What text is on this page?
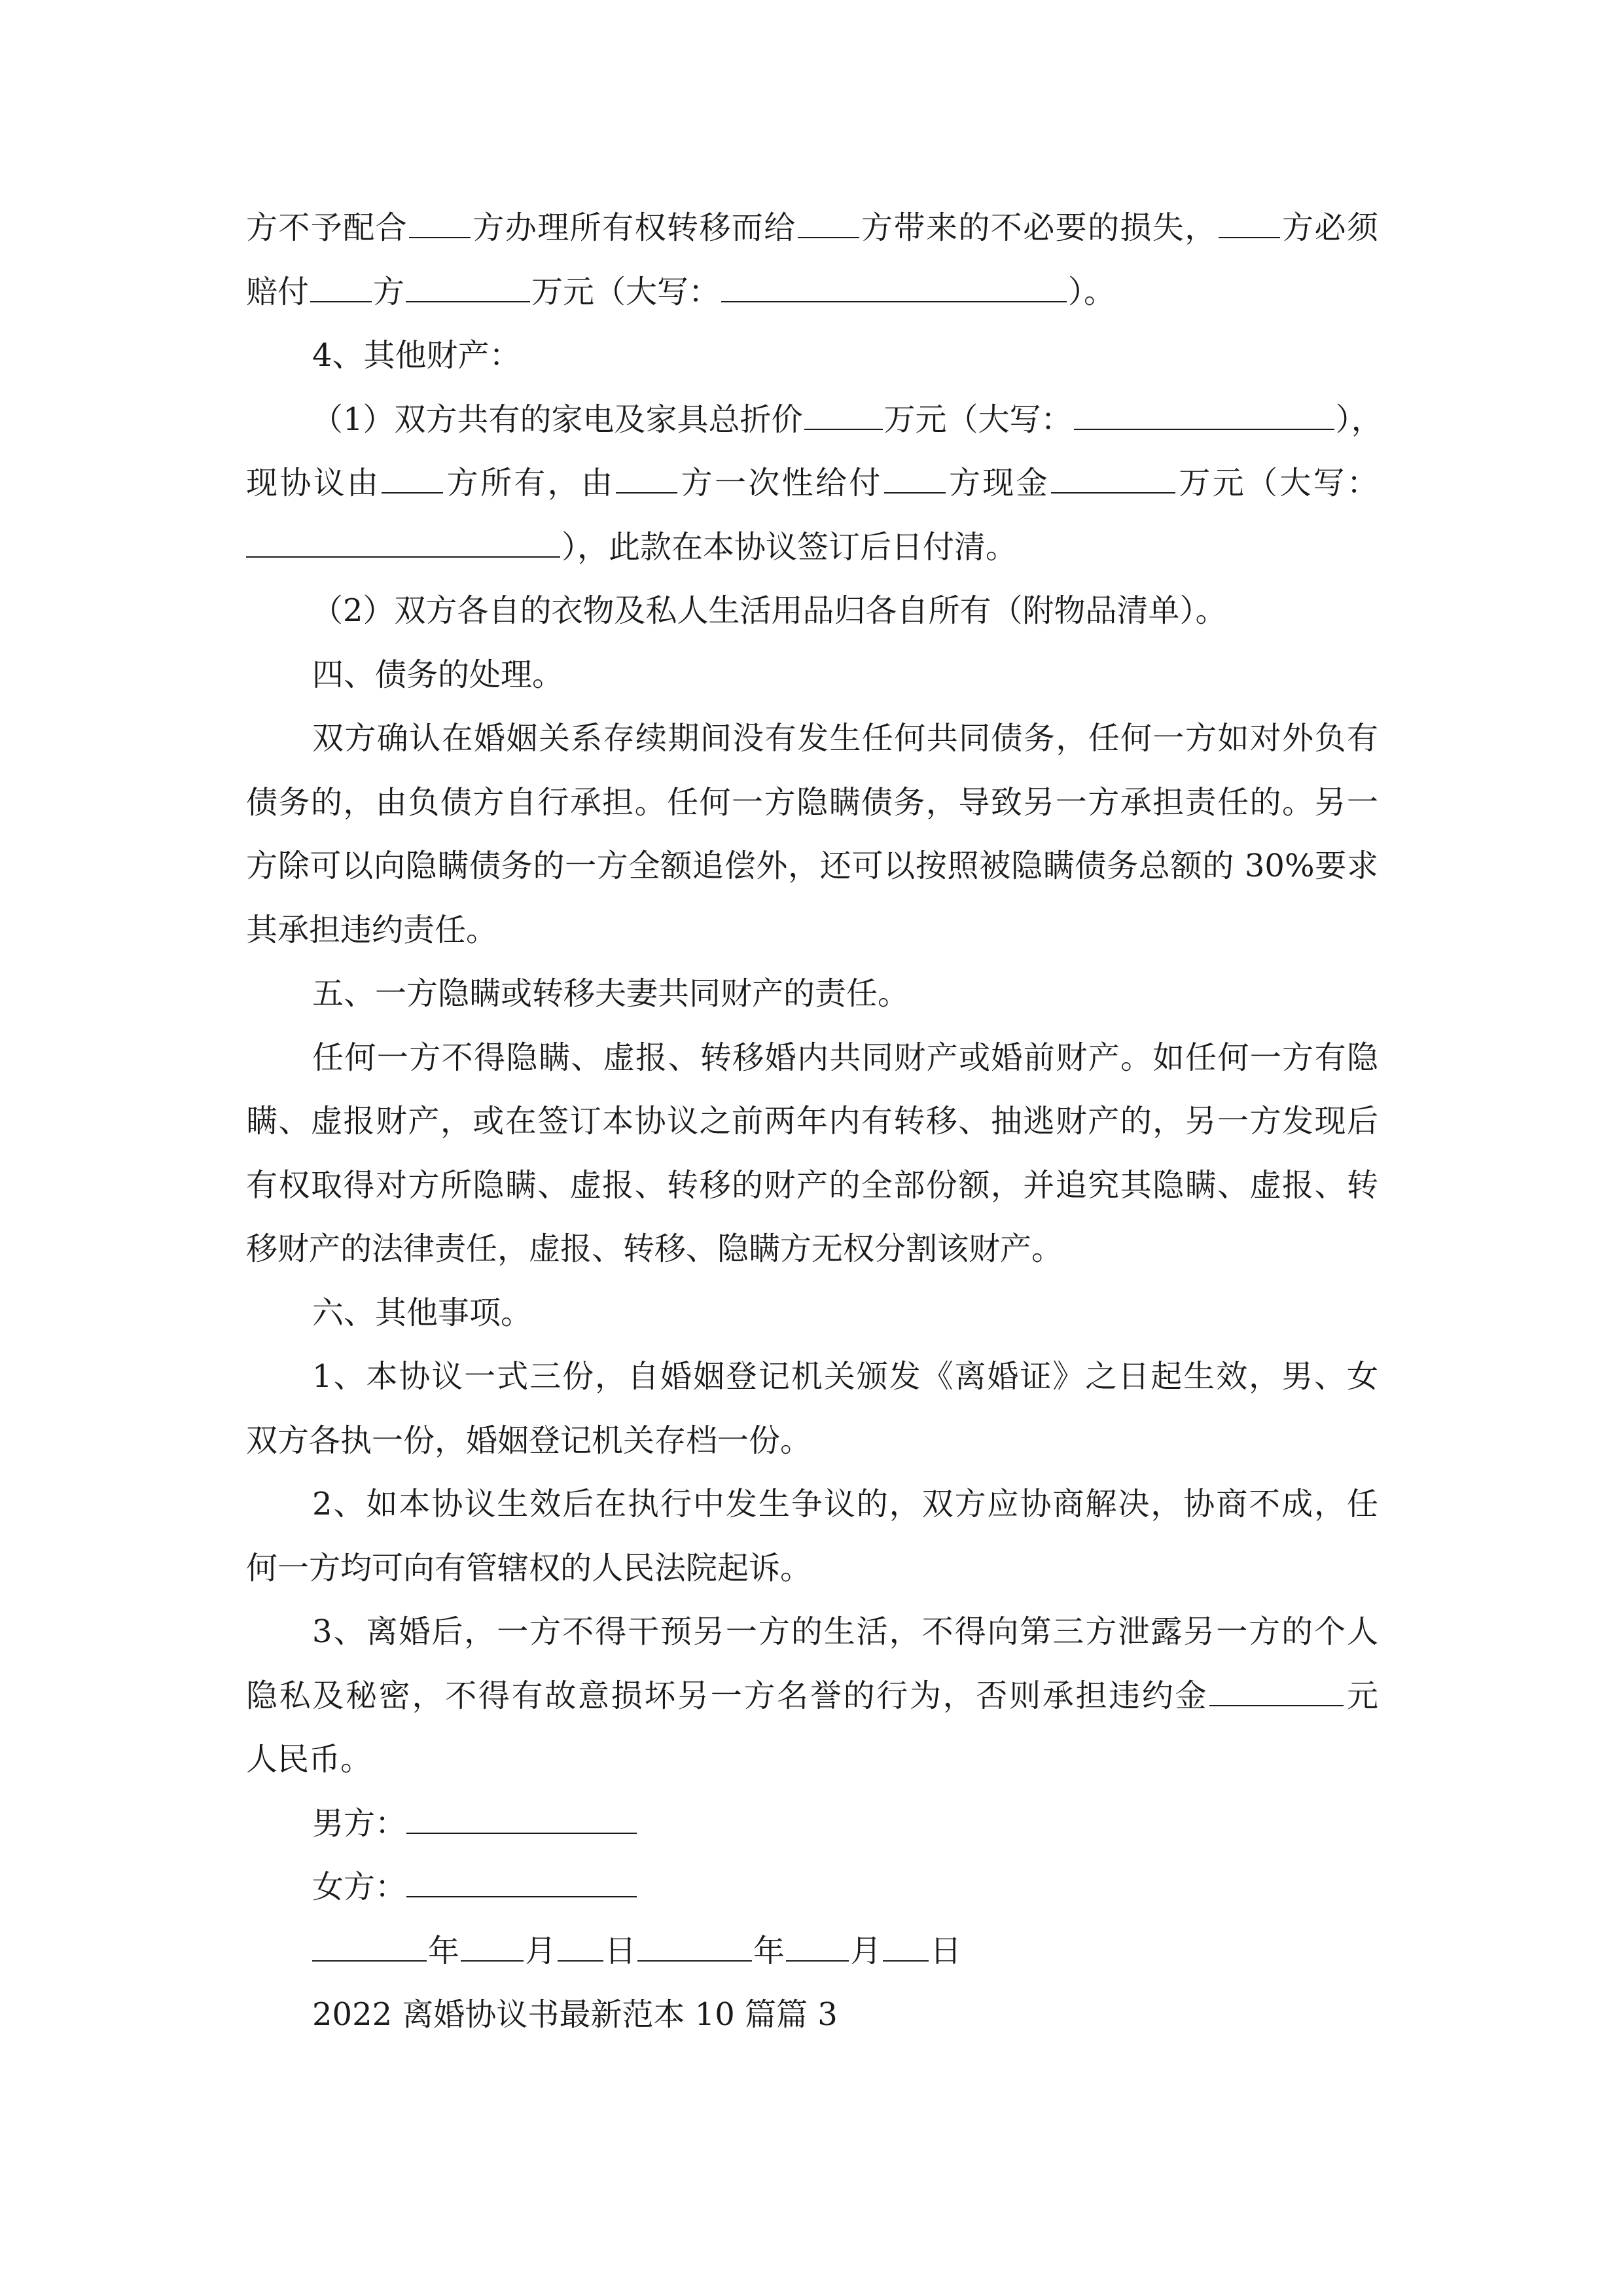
方不予配合 方办理所有权转移而给 方带来的不必要的损失， 方必须
赔付 方	万元（大写：	）。
4、其他财产：
（1）双方共有的家电及家具总折价	万元（大写：	），
现协议由 方所有，由 方一次性给付 方现金	万元（大写：
），此款在本协议签订后日付清。
（2）双方各自的衣物及私人生活用品归各自所有（附物品清单）。
四、债务的处理。
双方确认在婚姻关系存续期间没有发生任何共同债务，任何一方如对外负有
债务的，由负债方自行承担。任何一方隐瞒债务，导致另一方承担责任的。另一
方除可以向隐瞒债务的一方全额追偿外，还可以按照被隐瞒债务总额的 30%要求
其承担违约责任。
五、一方隐瞒或转移夫妻共同财产的责任。
任何一方不得隐瞒、虚报、转移婚内共同财产或婚前财产。如任何一方有隐
瞒、虚报财产，或在签订本协议之前两年内有转移、抽逃财产的，另一方发现后
有权取得对方所隐瞒、虚报、转移的财产的全部份额，并追究其隐瞒、虚报、转
移财产的法律责任，虚报、转移、隐瞒方无权分割该财产。
六、其他事项。
1、本协议一式三份，自婚姻登记机关颁发《离婚证》之日起生效，男、女
双方各执一份，婚姻登记机关存档一份。
2、如本协议生效后在执行中发生争议的，双方应协商解决，协商不成，任
何一方均可向有管辖权的人民法院起诉。
3、离婚后，一方不得干预另一方的生活，不得向第三方泄露另一方的个人
隐私及秘密，不得有故意损坏另一方名誉的行为，否则承担违约金	元
人民币。
男方：
女方：
年 月 日	年 月 日
2022 离婚协议书最新范本 10 篇篇 3
